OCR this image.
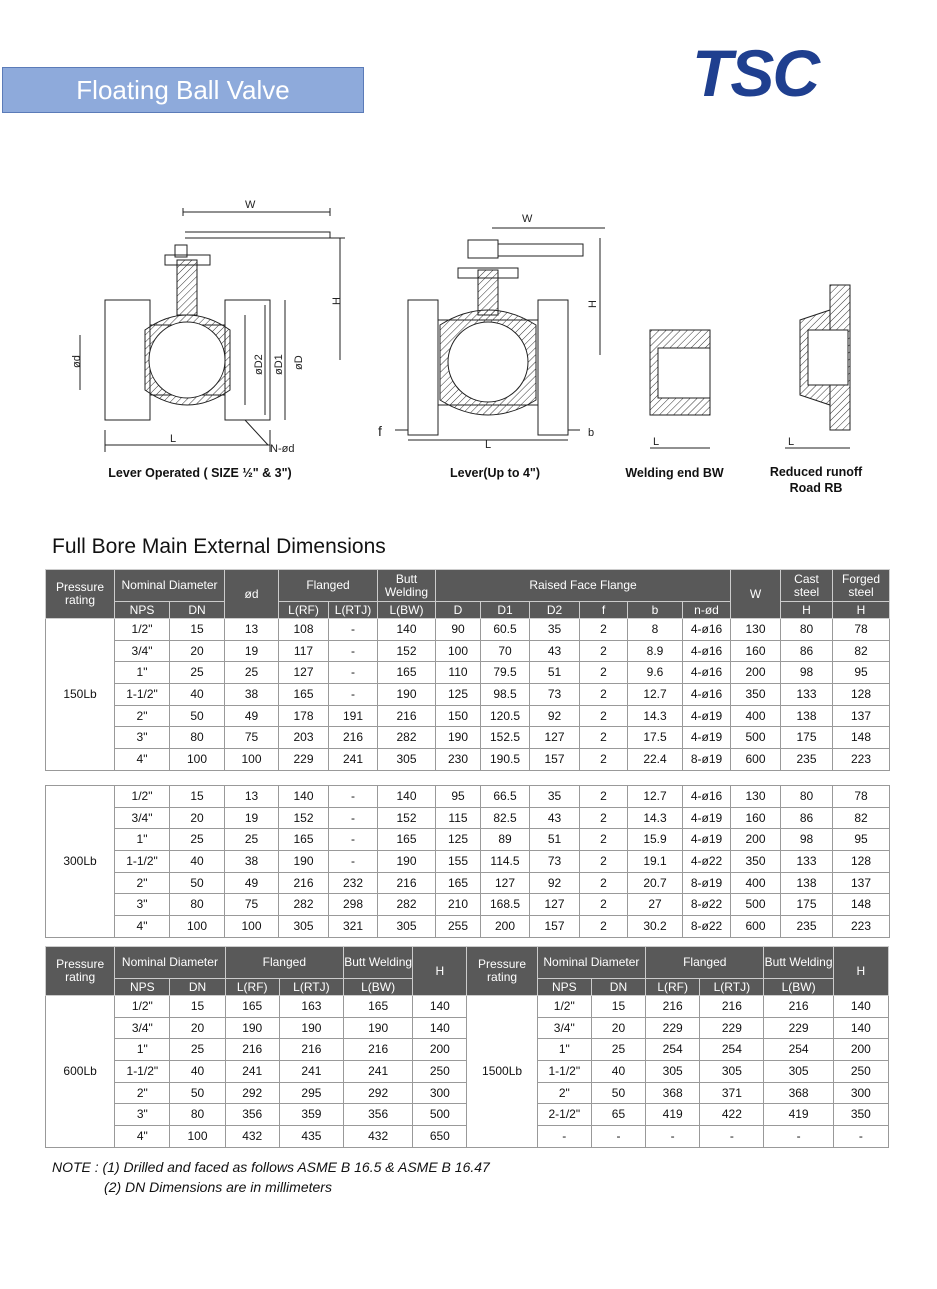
Floating Ball Valve	TSC
W
H
ød	øD2 øD1 øD
L
N-ød
W
H
f
L
b
L	L
Lever Operated ( SIZE ½" & 3")	Lever(Up to 4")	Welding end BW	Reduced runoff
Road RB
Full Bore Main External Dimensions
Pressure rating	Nominal Diameter		ød	Flanged		Butt Welding	Raised Face Flange						W	Cast steel	Forged steel
	NPS	DN		L(RF)	L(RTJ)	L(BW)	D	D1	D2	f	b	n-ød		H	H
150Lb	1/2"	15	13	108	-	140	90	60.5	35	2	8	4-ø16	130	80	78
	3/4"	20	19	117	-	152	100	70	43	2	8.9	4-ø16	160	86	82
	1"	25	25	127	-	165	110	79.5	51	2	9.6	4-ø16	200	98	95
	1-1/2"	40	38	165	-	190	125	98.5	73	2	12.7	4-ø16	350	133	128
	2"	50	49	178	191	216	150	120.5	92	2	14.3	4-ø19	400	138	137
	3"	80	75	203	216	282	190	152.5	127	2	17.5	4-ø19	500	175	148
	4"	100	100	229	241	305	230	190.5	157	2	22.4	8-ø19	600	235	223
300Lb	1/2"	15	13	140	-	140	95	66.5	35	2	12.7	4-ø16	130	80	78
	3/4"	20	19	152	-	152	115	82.5	43	2	14.3	4-ø19	160	86	82
	1"	25	25	165	-	165	125	89	51	2	15.9	4-ø19	200	98	95
	1-1/2"	40	38	190	-	190	155	114.5	73	2	19.1	4-ø22	350	133	128
	2"	50	49	216	232	216	165	127	92	2	20.7	8-ø19	400	138	137
	3"	80	75	282	298	282	210	168.5	127	2	27	8-ø22	500	175	148
	4"	100	100	305	321	305	255	200	157	2	30.2	8-ø22	600	235	223
Pressure rating	Nominal Diameter		Flanged		Butt Welding	H	Pressure rating	Nominal Diameter		Flanged		Butt Welding	H
	NPS	DN	L(RF)	L(RTJ)	L(BW)			NPS	DN	L(RF)	L(RTJ)	L(BW)	
600Lb	1/2"	15	165	163	165	140	1500Lb	1/2"	15	216	216	216	140
	3/4"	20	190	190	190	140		3/4"	20	229	229	229	140
	1"	25	216	216	216	200		1"	25	254	254	254	200
	1-1/2"	40	241	241	241	250		1-1/2"	40	305	305	305	250
	2"	50	292	295	292	300		2"	50	368	371	368	300
	3"	80	356	359	356	500		2-1/2"	65	419	422	419	350
	4"	100	432	435	432	650		-	-	-	-	-	-
NOTE : (1) Drilled and faced as follows ASME B 16.5 & ASME B 16.47
(2) DN Dimensions are in millimeters
